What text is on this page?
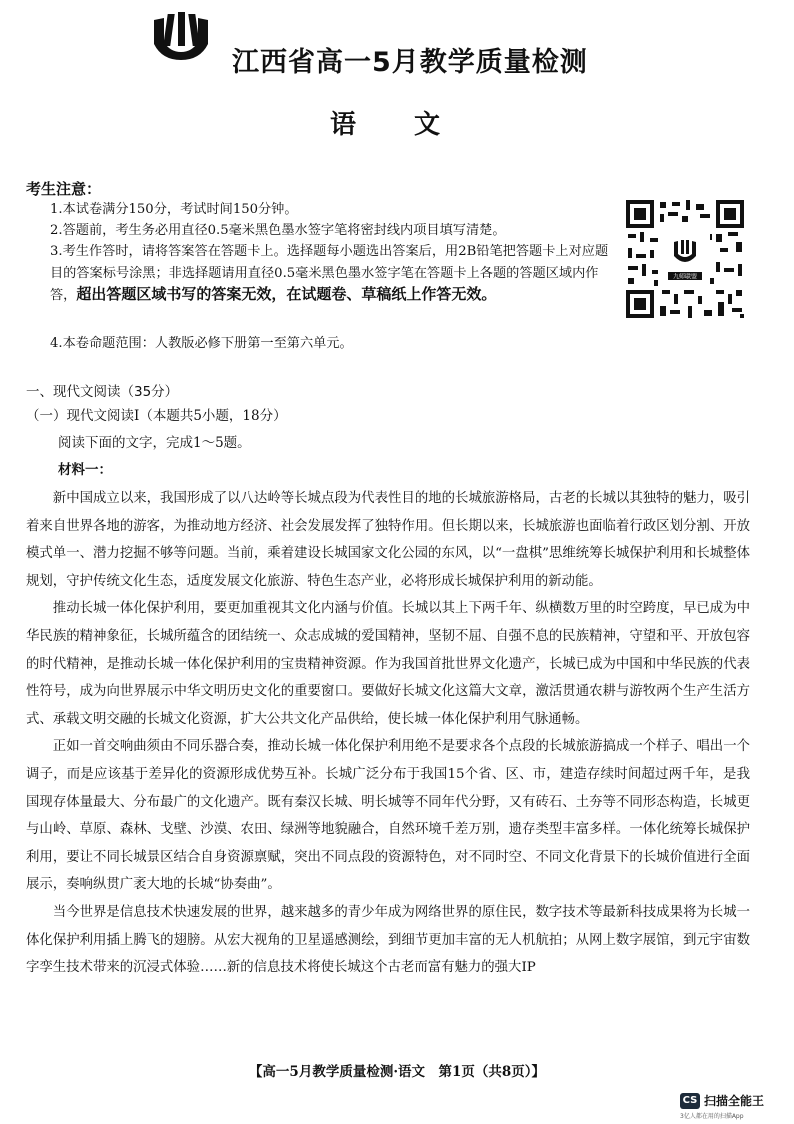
江西省高一5月教学质量检测
语文
考生注意：
1.本试卷满分150分，考试时间150分钟。
2.答题前，考生务必用直径0.5毫米黑色墨水签字笔将密封线内项目填写清楚。
3.考生作答时，请将答案答在答题卡上。选择题每小题选出答案后，用2B铅笔把答题卡上对应题目的答案标号涂黑；非选择题请用直径0.5毫米黑色墨水签字笔在答题卡上各题的答题区域内作答，超出答题区域书写的答案无效，在试题卷、草稿纸上作答无效。
4.本卷命题范围：人教版必修下册第一至第六单元。
九师联盟
一、现代文阅读（35分）
（一）现代文阅读Ⅰ（本题共5小题，18分）
阅读下面的文字，完成1～5题。
材料一：

新中国成立以来，我国形成了以八达岭等长城点段为代表性目的地的长城旅游格局，古老的长城以其独特的魅力，吸引着来自世界各地的游客，为推动地方经济、社会发展发挥了独特作用。但长期以来，长城旅游也面临着行政区划分割、开放模式单一、潜力挖掘不够等问题。当前，乘着建设长城国家文化公园的东风，以“一盘棋”思维统筹长城保护利用和长城整体规划，守护传统文化生态，适度发展文化旅游、特色生态产业，必将形成长城保护利用的新动能。

推动长城一体化保护利用，要更加重视其文化内涵与价值。长城以其上下两千年、纵横数万里的时空跨度，早已成为中华民族的精神象征，长城所蕴含的团结统一、众志成城的爱国精神，坚韧不屈、自强不息的民族精神，守望和平、开放包容的时代精神，是推动长城一体化保护利用的宝贵精神资源。作为我国首批世界文化遗产，长城已成为中国和中华民族的代表性符号，成为向世界展示中华文明历史文化的重要窗口。要做好长城文化这篇大文章，激活贯通农耕与游牧两个生产生活方式、承载文明交融的长城文化资源，扩大公共文化产品供给，使长城一体化保护利用气脉通畅。

正如一首交响曲须由不同乐器合奏，推动长城一体化保护利用绝不是要求各个点段的长城旅游搞成一个样子、唱出一个调子，而是应该基于差异化的资源形成优势互补。长城广泛分布于我国15个省、区、市，建造存续时间超过两千年，是我国现存体量最大、分布最广的文化遗产。既有秦汉长城、明长城等不同年代分野，又有砖石、土夯等不同形态构造，长城更与山岭、草原、森林、戈壁、沙漠、农田、绿洲等地貌融合，自然环境千差万别，遗存类型丰富多样。一体化统筹长城保护利用，要让不同长城景区结合自身资源禀赋，突出不同点段的资源特色，对不同时空、不同文化背景下的长城价值进行全面展示，奏响纵贯广袤大地的长城“协奏曲”。

当今世界是信息技术快速发展的世界，越来越多的青少年成为网络世界的原住民，数字技术等最新科技成果将为长城一体化保护利用插上腾飞的翅膀。从宏大视角的卫星遥感测绘，到细节更加丰富的无人机航拍；从网上数字展馆，到元宇宙数字孪生技术带来的沉浸式体验……新的信息技术将使长城这个古老而富有魅力的强大IP

【高一5月教学质量检测·语文　第1页（共8页）】
CS 扫描全能王
3亿人都在用的扫描App
